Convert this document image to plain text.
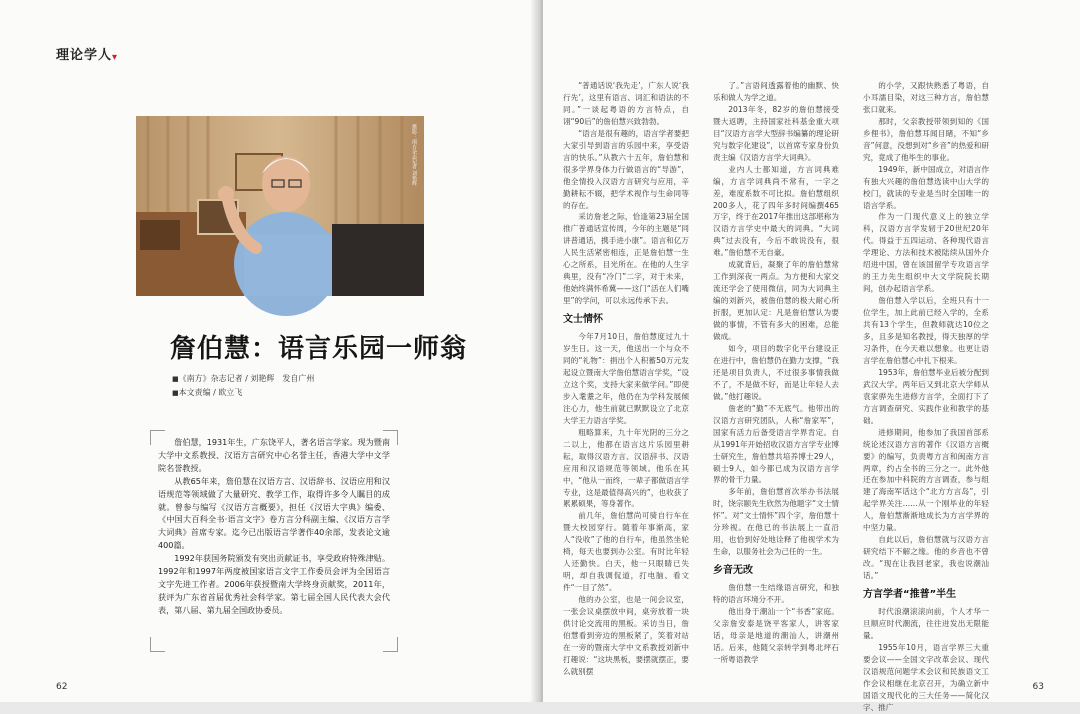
理论学人▾
摄影：南方杂志记者 刘艳辉
詹伯慧：语言乐园一师翁
■《南方》杂志记者 / 刘艳辉　发自广州
■本文责编 / 欧立飞

詹伯慧，1931年生，广东饶平人，著名语言学家。现为暨南大学中文系教授、汉语方言研究中心名誉主任，香港大学中文学院名誉教授。

从教65年来，詹伯慧在汉语方言、汉语辞书、汉语应用和汉语规范等领域做了大量研究、教学工作，取得许多令人瞩目的成就。曾参与编写《汉语方言概要》，担任《汉语大字典》编委、《中国大百科全书·语言文字》卷方言分科副主编、《汉语方言学大词典》首席专家。迄今已出版语言学著作40余部，发表论文逾400篇。

1992年获国务院颁发有突出贡献证书，享受政府特殊津贴。1992年和1997年两度被国家语言文字工作委员会评为全国语言文字先进工作者。2006年获授暨南大学终身贡献奖，2011年，获评为广东省首届优秀社会科学家。第七届全国人民代表大会代表，第八届、第九届全国政协委员。

62

“普通话说‘我先走’，广东人说‘我行先’，这里有语言、词汇和语法的不同。”一谈起粤语的方言特点，自诩“90后”的詹伯慧兴致勃勃。

“语言是很有趣的，语言学者要把大家引导到语言的乐园中来，享受语言的快乐。”从教六十五年，詹伯慧和很多学界身体力行做语言的“导游”，他全情投入汉语方言研究与应用，辛勤耕耘不辍，把学术视作与生命同等的存在。

采访詹老之际，恰逢第23届全国推广普通话宣传周，今年的主题是“同讲普通话，携手进小康”。语言和亿万人民生活紧密相连，正是詹伯慧一生心之所系，目光所在。在他的人生字典里，没有“冷门”二字，对于未来，他始终满怀希冀——这门“活在人们嘴里”的学问，可以永远传承下去。

文士情怀

今年7月10日，詹伯慧度过九十岁生日。这一天，他送出一个与众不同的“礼物”：捐出个人积蓄50万元发起设立暨南大学詹伯慧语言学奖，“设立这个奖，支持大家来做学问。”即使步入耄耋之年，他仍在为学科发展倾注心力，他生前就已默默设立了北京大学王力语言学奖。

粗略算来，九十年光阴的三分之二以上，他都在语言这片乐园里耕耘，取得汉语方言、汉语辞书、汉语应用和汉语规范等领域。他乐在其中，“他从一而终，一辈子都做语言学专业，这是最值得高兴的”，也收获了累累硕果，等身著作。

前几年，詹伯慧尚可骑自行车在暨大校园穿行。随着年事渐高，家人“没收”了他的自行车，他虽然坐轮椅，每天也要到办公室。有时比年轻人还勤快。白天，他一只眼睛已失明，却自我调侃道，打电脑、看文件“一目了然”。

他的办公室，也是一间会议室，一张会议桌摆放中间，桌旁放着一块供讨论交流用的黑板。采访当日，詹伯慧看到旁边的黑板紧了，笑着对站在一旁的暨南大学中文系教授刘新中打趣说：“这块黑板，要摆就摆正，要么就别摆

了。”言语间透露着他的幽默、快乐和做人为学之道。

2013年冬，82岁的詹伯慧接受暨大返聘，主持国家社科基金重大项目“汉语方言学大型辞书编纂的理论研究与数字化建设”，以首席专家身份负责主编《汉语方言学大词典》。

业内人士都知道，方言词典难编，方言学词典尚不常有，一字之差，难度系数不可比拟。詹伯慧组织200多人，花了四年多时间编撰465万字，终于在2017年推出这部堪称为汉语方言学史中最大的词典。“大词典”过去没有，今后不敢说没有，很难。”詹伯慧不无自豪。

成就背后，凝聚了年的詹伯慧常工作到深夜一两点。为方便和大家交流还学会了使用微信，同为大词典主编的刘新兴，被詹伯慧的极大耐心所折服，更加认定：凡是詹伯慧认为要做的事情，不管有多大的困难，总能做成。

如今，项目的数字化平台建设正在进行中，詹伯慧仍在勤力支撑，“我还是项目负责人，不过很多事情我做不了，不是做不好，而是让年轻人去做。”他打趣说。

詹老的“勤”不无底气。他带出的汉语方言研究团队，人称“詹家军”，国家有活力后备受语言学界肯定。自从1991年开始招收汉语方言学专业博士研究生，詹伯慧共培养博士29人，硕士9人，如今都已成为汉语方言学界的骨干力量。

多年前，詹伯慧首次举办书法展时，饶宗颐先生欣然为他题字“文士情怀”。对“文士情怀”四个字，詹伯慧十分珍视。在他已的书法展上一直沿用，也恰到好处地诠释了他视学术为生命，以服务社会为己任的一生。

乡音无改

詹伯慧一生结缘语言研究，和独特的语言环境分不开。

他出身于潮汕一个“书香”家庭。父亲詹安泰是饶平客家人，讲客家话，母亲是地道的潮汕人，讲潮州话。后来，他随父亲转学到粤北坪石一所粤语教学

的小学，又跟快熟悉了粤语，自小耳濡目染，对这三种方言，詹伯慧张口就来。

那时，父亲教授带领到知的《国乡俚书》，詹伯慧耳闻目睹，不知“乡音”何意，没想到对“乡音”的热爱和研究，竟成了他毕生的事业。

1949年，新中国成立，对语言作有独大兴趣的詹伯慧选读中山大学的校门，就读的专业是当时全国唯一的语言学系。

作为一门现代意义上的独立学科，汉语方言学发轫于20世纪20年代。得益于五四运动、各种现代语言学理论、方法和技术被陆续从国外介绍进中国，曾在该国留学专攻语言学的王力先生组织中大文学院院长期间，创办起语言学系。

詹伯慧入学以后，全班只有十一位学生，加上此前已经入学的，全系共有13个学生，但教师就达10位之多，且多是知名教授，得天独厚的学习条件，在今天难以想象。也更让语言学在詹伯慧心中扎下根来。

1953年，詹伯慧毕业后被分配到武汉大学。两年后又到北京大学师从袁家骅先生进修方言学，全面打下了方言调查研究、实践作业和教学的基础。

进修期间，他参加了我国首部系统论述汉语方言的著作《汉语方言概要》的编写，负责粤方言和闽南方言两章，约占全书的三分之一。此外他还在参加中科院的方言调查，参与组建了海南军话这个“北方方言岛”，引起学界关注……从一个刚毕业的年轻人，詹伯慧渐渐地成长为方言学界的中坚力量。

自此以后，詹伯慧就与汉语方言研究结下不解之缘。他的乡音也不曾改。“现在让我回老家，我也说潮汕话。”

方言学者“推普”半生

时代浪潮滚滚向前，个人才华一旦顺应时代潮流，往往迸发出无限能量。

1955年10月，语言学界三大重要会议——全国文字改革会议、现代汉语规范问题学术会议和民族语文工作会议相继在北京召开，为确立新中国语文现代化的三大任务——简化汉字、推广

63
